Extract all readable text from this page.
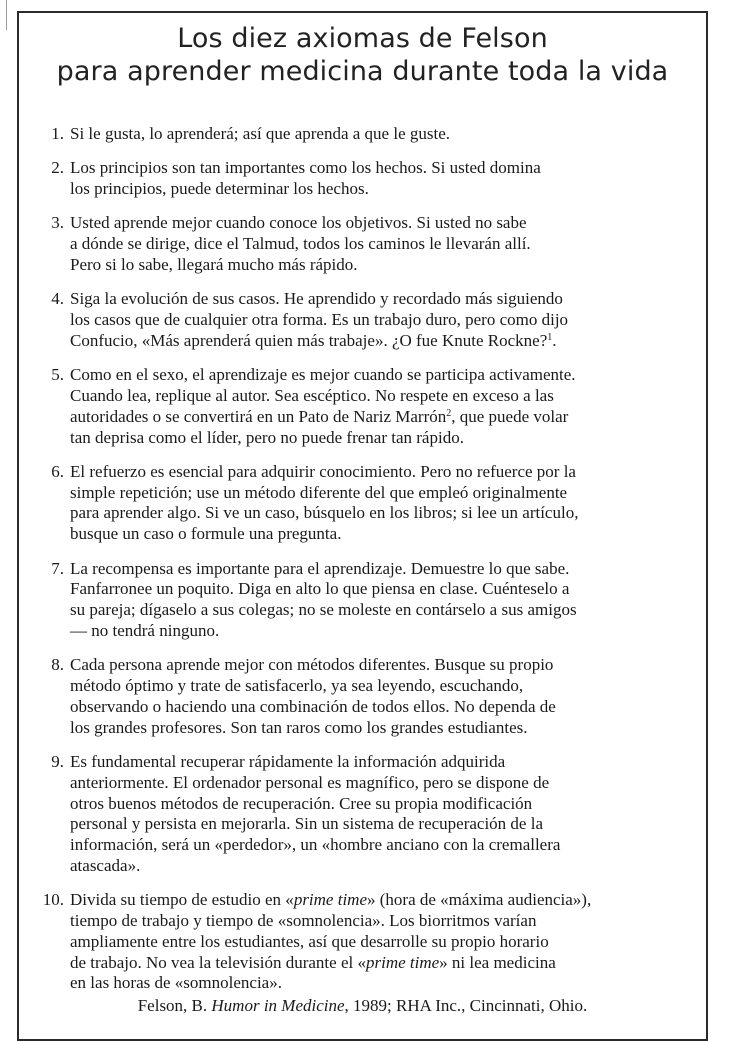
Los diez axiomas de Felson
para aprender medicina durante toda la vida
1. Si le gusta, lo aprenderá; así que aprenda a que le guste.
2. Los principios son tan importantes como los hechos. Si usted domina
los principios, puede determinar los hechos.
3. Usted aprende mejor cuando conoce los objetivos. Si usted no sabe
a dónde se dirige, dice el Talmud, todos los caminos le llevarán allí.
Pero si lo sabe, llegará mucho más rápido.
4. Siga la evolución de sus casos. He aprendido y recordado más siguiendo
los casos que de cualquier otra forma. Es un trabajo duro, pero como dijo
Confucio, «Más aprenderá quien más trabaje». ¿O fue Knute Rockne?$^1$.
5. Como en el sexo, el aprendizaje es mejor cuando se participa activamente.
Cuando lea, replique al autor. Sea escéptico. No respete en exceso a las
autoridades o se convertirá en un Pato de Nariz Marrón$^2$, que puede volar
tan deprisa como el líder, pero no puede frenar tan rápido.
6. El refuerzo es esencial para adquirir conocimiento. Pero no refuerce por la
simple repetición; use un método diferente del que empleó originalmente
para aprender algo. Si ve un caso, búsquelo en los libros; si lee un artículo,
busque un caso o formule una pregunta.
7. La recompensa es importante para el aprendizaje. Demuestre lo que sabe.
Fanfarronee un poquito. Diga en alto lo que piensa en clase. Cuénteselo a
su pareja; dígaselo a sus colegas; no se moleste en contárselo a sus amigos
— no tendrá ninguno.
8. Cada persona aprende mejor con métodos diferentes. Busque su propio
método óptimo y trate de satisfacerlo, ya sea leyendo, escuchando,
observando o haciendo una combinación de todos ellos. No dependa de
los grandes profesores. Son tan raros como los grandes estudiantes.
9. Es fundamental recuperar rápidamente la información adquirida
anteriormente. El ordenador personal es magnífico, pero se dispone de
otros buenos métodos de recuperación. Cree su propia modificación
personal y persista en mejorarla. Sin un sistema de recuperación de la
información, será un «perdedor», un «hombre anciano con la cremallera
atascada».
10. Divida su tiempo de estudio en «prime time» (hora de «máxima audiencia»),
tiempo de trabajo y tiempo de «somnolencia». Los biorritmos varían
ampliamente entre los estudiantes, así que desarrolle su propio horario
de trabajo. No vea la televisión durante el «prime time» ni lea medicina
en las horas de «somnolencia».
Felson, B. Humor in Medicine, 1989; RHA Inc., Cincinnati, Ohio.
